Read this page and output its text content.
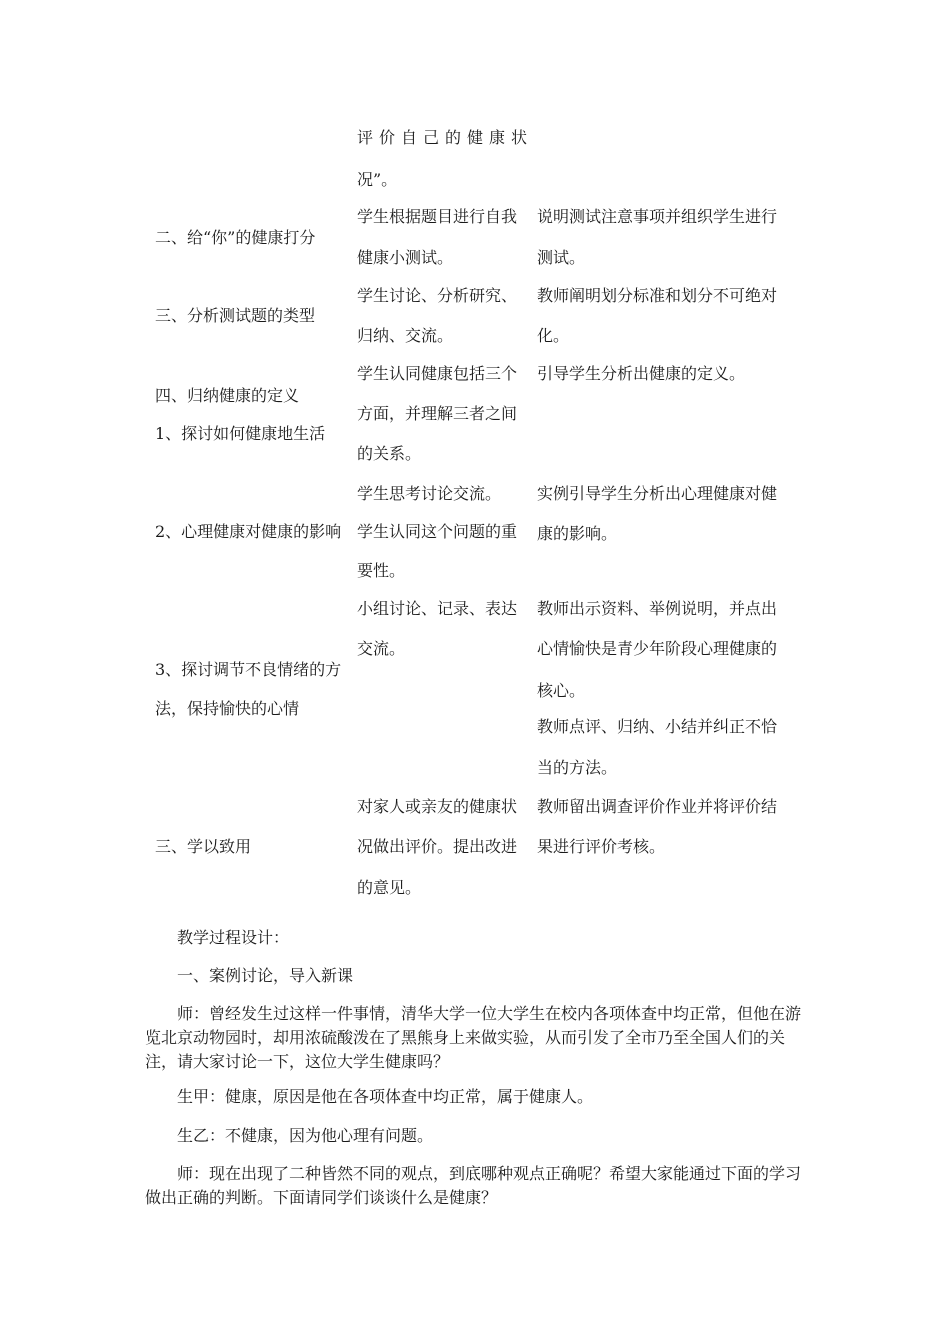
评价自己的健康状
况”。
二、给“你”的健康打分
学生根据题目进行自我
健康小测试。
说明测试注意事项并组织学生进行
测试。
三、分析测试题的类型
学生讨论、分析研究、
归纳、交流。
教师阐明划分标准和划分不可绝对
化。
四、归纳健康的定义
1、探讨如何健康地生活
学生认同健康包括三个
方面，并理解三者之间
的关系。
引导学生分析出健康的定义。
2、心理健康对健康的影响
学生思考讨论交流。
学生认同这个问题的重
要性。
实例引导学生分析出心理健康对健
康的影响。
3、探讨调节不良情绪的方
法，保持愉快的心情
小组讨论、记录、表达
交流。
教师出示资料、举例说明，并点出
心情愉快是青少年阶段心理健康的
核心。
教师点评、归纳、小结并纠正不恰
当的方法。
三、学以致用
对家人或亲友的健康状
况做出评价。提出改进
的意见。
教师留出调查评价作业并将评价结
果进行评价考核。
教学过程设计：
一、案例讨论，导入新课
师：曾经发生过这样一件事情，清华大学一位大学生在校内各项体查中均正常，但他在游览北京动物园时，却用浓硫酸泼在了黑熊身上来做实验，从而引发了全市乃至全国人们的关注，请大家讨论一下，这位大学生健康吗？
生甲：健康，原因是他在各项体查中均正常，属于健康人。
生乙：不健康，因为他心理有问题。
师：现在出现了二种皆然不同的观点，到底哪种观点正确呢？希望大家能通过下面的学习做出正确的判断。下面请同学们谈谈什么是健康？
